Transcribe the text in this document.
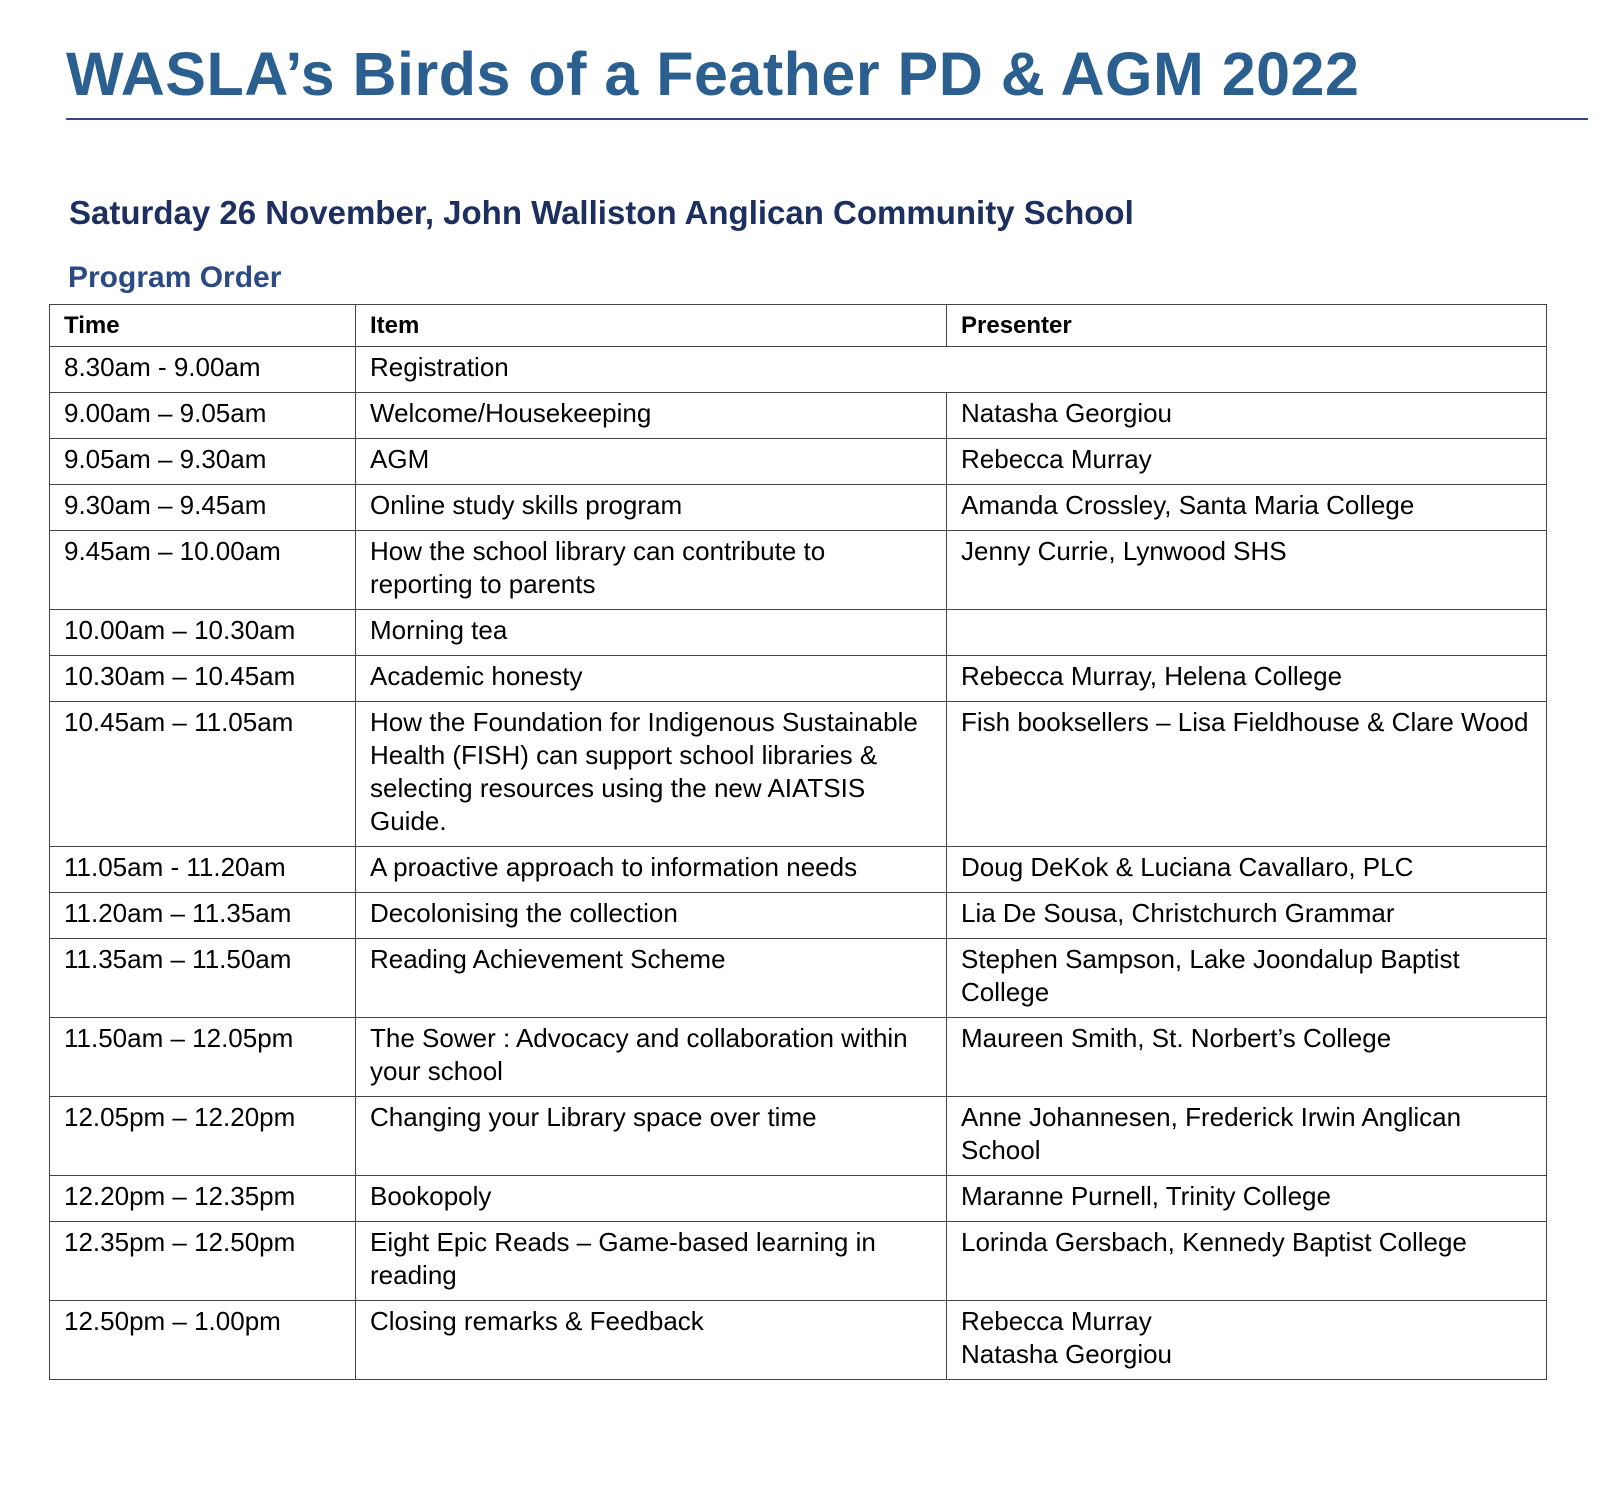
WASLA’s Birds of a Feather PD & AGM 2022
Saturday 26 November, John Walliston Anglican Community School
Program Order
Time	Item	Presenter
8.30am - 9.00am	Registration	
9.00am – 9.05am	Welcome/Housekeeping	Natasha Georgiou
9.05am – 9.30am	AGM	Rebecca Murray
9.30am – 9.45am	Online study skills program	Amanda Crossley, Santa Maria College
9.45am – 10.00am	How the school library can contribute to reporting to parents	Jenny Currie, Lynwood SHS
10.00am – 10.30am	Morning tea	
10.30am – 10.45am	Academic honesty	Rebecca Murray, Helena College
10.45am – 11.05am	How the Foundation for Indigenous Sustainable Health (FISH) can support school libraries & selecting resources using the new AIATSIS Guide.	Fish booksellers – Lisa Fieldhouse & Clare Wood
11.05am - 11.20am	A proactive approach to information needs	Doug DeKok & Luciana Cavallaro, PLC
11.20am – 11.35am	Decolonising the collection	Lia De Sousa, Christchurch Grammar
11.35am – 11.50am	Reading Achievement Scheme	Stephen Sampson, Lake Joondalup Baptist College
11.50am – 12.05pm	The Sower : Advocacy and collaboration within your school	Maureen Smith, St. Norbert’s College
12.05pm – 12.20pm	Changing your Library space over time	Anne Johannesen, Frederick Irwin Anglican School
12.20pm – 12.35pm	Bookopoly	Maranne Purnell, Trinity College
12.35pm – 12.50pm	Eight Epic Reads – Game-based learning in reading	Lorinda Gersbach, Kennedy Baptist College
12.50pm – 1.00pm	Closing remarks & Feedback	Rebecca Murray
Natasha Georgiou
